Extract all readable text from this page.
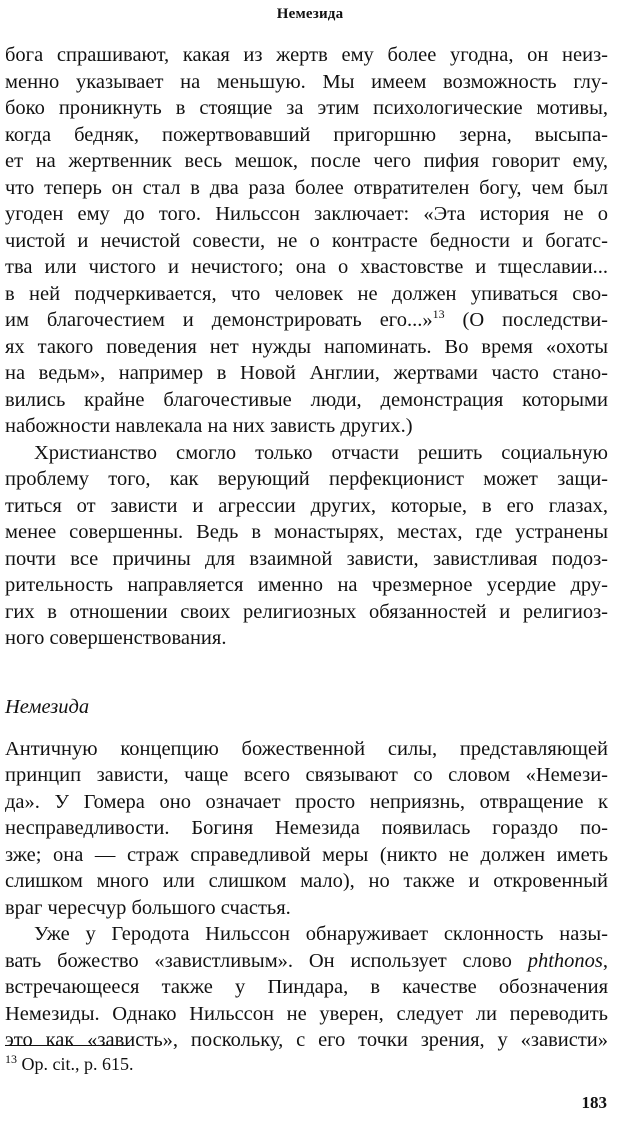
Немезида
бога спрашивают, какая из жертв ему более угодна, он неиз-
менно указывает на меньшую. Мы имеем возможность глу-
боко проникнуть в стоящие за этим психологические мотивы,
когда бедняк, пожертвовавший пригоршню зерна, высыпа-
ет на жертвенник весь мешок, после чего пифия говорит ему,
что теперь он стал в два раза более отвратителен богу, чем был
угоден ему до того. Нильссон заключает: «Эта история не о
чистой и нечистой совести, не о контрасте бедности и богатс-
тва или чистого и нечистого; она о хвастовстве и тщеславии...
в ней подчеркивается, что человек не должен упиваться сво-
им благочестием и демонстрировать его...»$^{13}$ (О последстви-
ях такого поведения нет нужды напоминать. Во время «охоты
на ведьм», например в Новой Англии, жертвами часто стано-
вились крайне благочестивые люди, демонстрация которыми
набожности навлекала на них зависть других.)
Христианство смогло только отчасти решить социальную
проблему того, как верующий перфекционист может защи-
титься от зависти и агрессии других, которые, в его глазах,
менее совершенны. Ведь в монастырях, местах, где устранены
почти все причины для взаимной зависти, завистливая подоз-
рительность направляется именно на чрезмерное усердие дру-
гих в отношении своих религиозных обязанностей и религиоз-
ного совершенствования.
Немезида
Античную концепцию божественной силы, представляющей
принцип зависти, чаще всего связывают со словом «Немези-
да». У Гомера оно означает просто неприязнь, отвращение к
несправедливости. Богиня Немезида появилась гораздо по-
зже; она — страж справедливой меры (никто не должен иметь
слишком много или слишком мало), но также и откровенный
враг чересчур большого счастья.
Уже у Геродота Нильссон обнаруживает склонность назы-
вать божество «завистливым». Он использует слово phthonos,
встречающееся также у Пиндара, в качестве обозначения
Немезиды. Однако Нильссон не уверен, следует ли переводить
это как «зависть», поскольку, с его точки зрения, у «зависти»
$^{13}$ Op. cit., p. 615.
183
